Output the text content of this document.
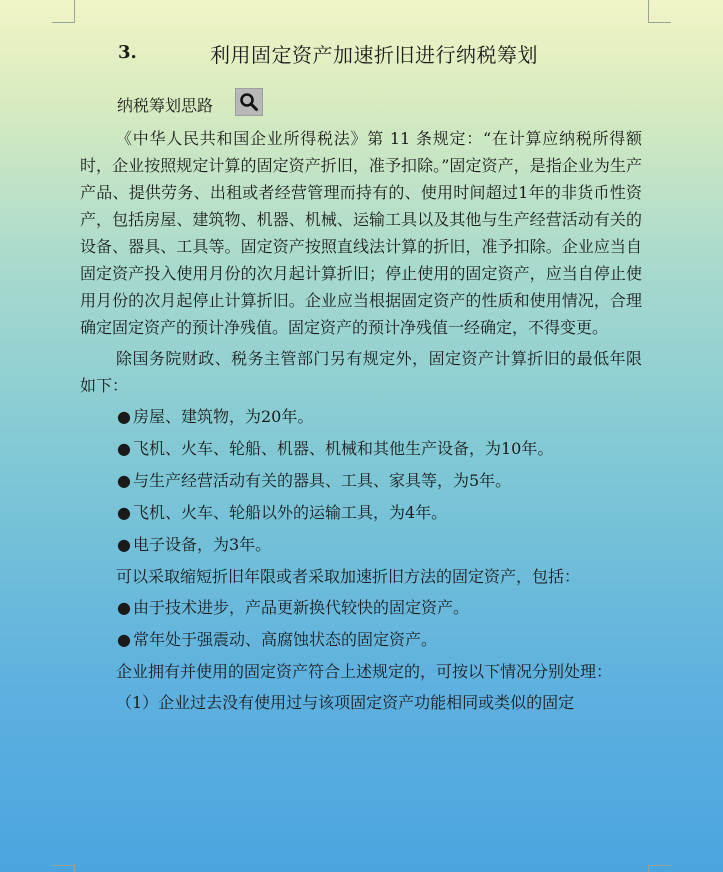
3.	利用固定资产加速折旧进行纳税筹划
纳税筹划思路

《中华人民共和国企业所得税法》第 11 条规定：“在计算应纳税所得额时，企业按照规定计算的固定资产折旧，准予扣除。”固定资产，是指企业为生产产品、提供劳务、出租或者经营管理而持有的、使用时间超过1年的非货币性资产，包括房屋、建筑物、机器、机械、运输工具以及其他与生产经营活动有关的设备、器具、工具等。固定资产按照直线法计算的折旧，准予扣除。企业应当自固定资产投入使用月份的次月起计算折旧；停止使用的固定资产，应当自停止使用月份的次月起停止计算折旧。企业应当根据固定资产的性质和使用情况，合理确定固定资产的预计净残值。固定资产的预计净残值一经确定，不得变更。

除国务院财政、税务主管部门另有规定外，固定资产计算折旧的最低年限如下：

● 房屋、建筑物，为20年。

● 飞机、火车、轮船、机器、机械和其他生产设备，为10年。

● 与生产经营活动有关的器具、工具、家具等，为5年。

● 飞机、火车、轮船以外的运输工具，为4年。

● 电子设备，为3年。

可以采取缩短折旧年限或者采取加速折旧方法的固定资产，包括：

● 由于技术进步，产品更新换代较快的固定资产。

● 常年处于强震动、高腐蚀状态的固定资产。

企业拥有并使用的固定资产符合上述规定的，可按以下情况分别处理：

（1）企业过去没有使用过与该项固定资产功能相同或类似的固定
